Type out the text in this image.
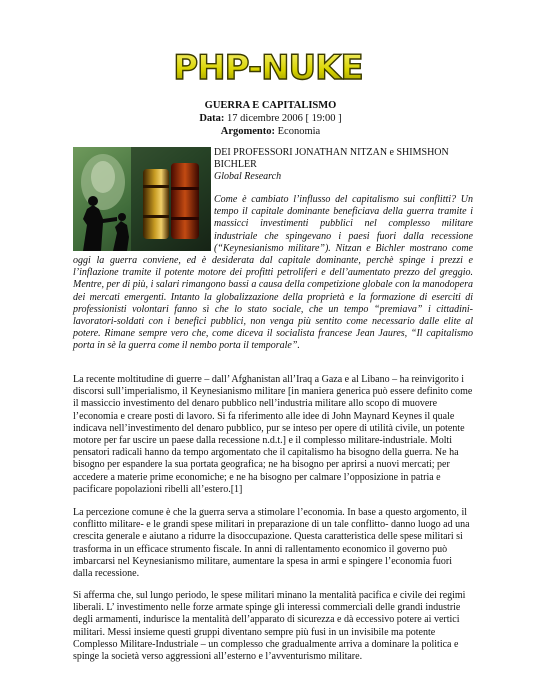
PHP-NUKE
GUERRA E CAPITALISMO
Data: 17 dicembre 2006 [ 19:00 ]
Argomento: Economia
DEI PROFESSORI JONATHAN NITZAN e SHIMSHON BICHLER
Global Research
Come è cambiato l’influsso del capitalismo sui conflitti? Un tempo il capitale dominante beneficiava della guerra tramite i massicci investimenti pubblici nel complesso militare industriale che spingevano i paesi fuori dalla recessione (“Keynesianismo militare”). Nitzan e Bichler mostrano come oggi la guerra conviene, ed è desiderata dal capitale dominante, perchè spinge i prezzi e l’inflazione tramite il potente motore dei profitti petroliferi e dell’aumentato prezzo del greggio. Mentre, per di più, i salari rimangono bassi a causa della competizione globale con la manodopera dei mercati emergenti. Intanto la globalizzazione della proprietà e la formazione di eserciti di professionisti volontari fanno sì che lo stato sociale, che un tempo “premiava” i cittadini-lavoratori-soldati con i benefici pubblici, non venga più sentito come necessario dalle elite al potere. Rimane sempre vero che, come diceva il socialista francese Jean Jaures, “Il capitalismo porta in sè la guerra come il nembo porta il temporale”.

La recente moltitudine di guerre – dall’ Afghanistan all’Iraq a Gaza e al Libano – ha reinvigorito i discorsi sull’imperialismo, il Keynesianismo militare [in maniera generica può essere definito come il massiccio investimento del denaro pubblico nell’industria militare allo scopo di muovere l’economia e creare posti di lavoro. Si fa riferimento alle idee di John Maynard Keynes il quale indicava nell’investimento del denaro pubblico, pur se inteso per opere di utilità civile, un potente motore per far uscire un paese dalla recessione n.d.t.] e il complesso militare-industriale. Molti pensatori radicali hanno da tempo argomentato che il capitalismo ha bisogno della guerra. Ne ha bisogno per espandere la sua portata geografica; ne ha bisogno per aprirsi a nuovi mercati; per accedere a materie prime economiche; e ne ha bisogno per calmare l’opposizione in patria e pacificare popolazioni ribelli all’estero.[1]

La percezione comune è che la guerra serva a stimolare l’economia. In base a questo argomento, il conflitto militare- e le grandi spese militari in preparazione di un tale conflitto- danno luogo ad una crescita generale e aiutano a ridurre la disoccupazione. Questa caratteristica delle spese militari si trasforma in un efficace strumento fiscale. In anni di rallentamento economico il governo può imbarcarsi nel Keynesianismo militare, aumentare la spesa in armi e spingere l’economia fuori dalla recessione.

Si afferma che, sul lungo periodo, le spese militari minano la mentalità pacifica e civile dei regimi liberali. L’ investimento nelle forze armate spinge gli interessi commerciali delle grandi industrie degli armamenti, indurisce la mentalità dell’apparato di sicurezza e dà eccessivo potere ai vertici militari. Messi insieme questi gruppi diventano sempre più fusi in un invisibile ma potente Complesso Militare-Industriale – un complesso che gradualmente arriva a dominare la politica e spinge la società verso aggressioni all’esterno e l’avventurismo militare.
